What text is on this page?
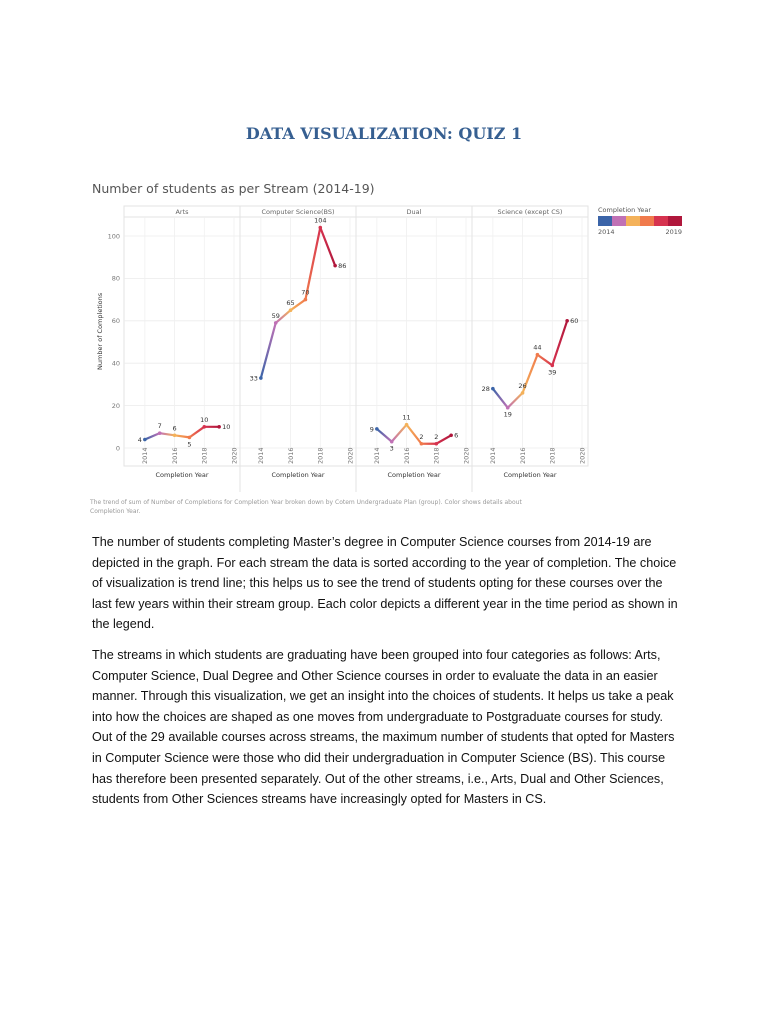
DATA VISUALIZATION: QUIZ 1
Number of students as per Stream (2014-19)
0
20
40
60
80
100
Number of Completions
Arts
2014	2016	2018	2020
Completion Year
4
7 6
5
10
10
Computer Science(BS)
2014	2016	2018	2020
Completion Year
33
59
65
70
104
86
Dual
2014	2016	2018	2020
Completion Year
9
3
11
2 2 6
Science (except CS)
2014	2016	2018	2020
Completion Year
28
19
26
44
39
60
Completion Year
2014	2019
The trend of sum of Number of Completions for Completion Year broken down by Cotem Undergraduate Plan (group). Color shows details about Completion Year.

The number of students completing Master’s degree in Computer Science courses from 2014-19 are depicted in the graph. For each stream the data is sorted according to the year of completion. The choice of visualization is trend line; this helps us to see the trend of students opting for these courses over the last few years within their stream group. Each color depicts a different year in the time period as shown in the legend.

The streams in which students are graduating have been grouped into four categories as follows: Arts, Computer Science, Dual Degree and Other Science courses in order to evaluate the data in an easier manner. Through this visualization, we get an insight into the choices of students. It helps us take a peak into how the choices are shaped as one moves from undergraduate to Postgraduate courses for study. Out of the 29 available courses across streams, the maximum number of students that opted for Masters in Computer Science were those who did their undergraduation in Computer Science (BS). This course has therefore been presented separately. Out of the other streams, i.e., Arts, Dual and Other Sciences, students from Other Sciences streams have increasingly opted for Masters in CS.
